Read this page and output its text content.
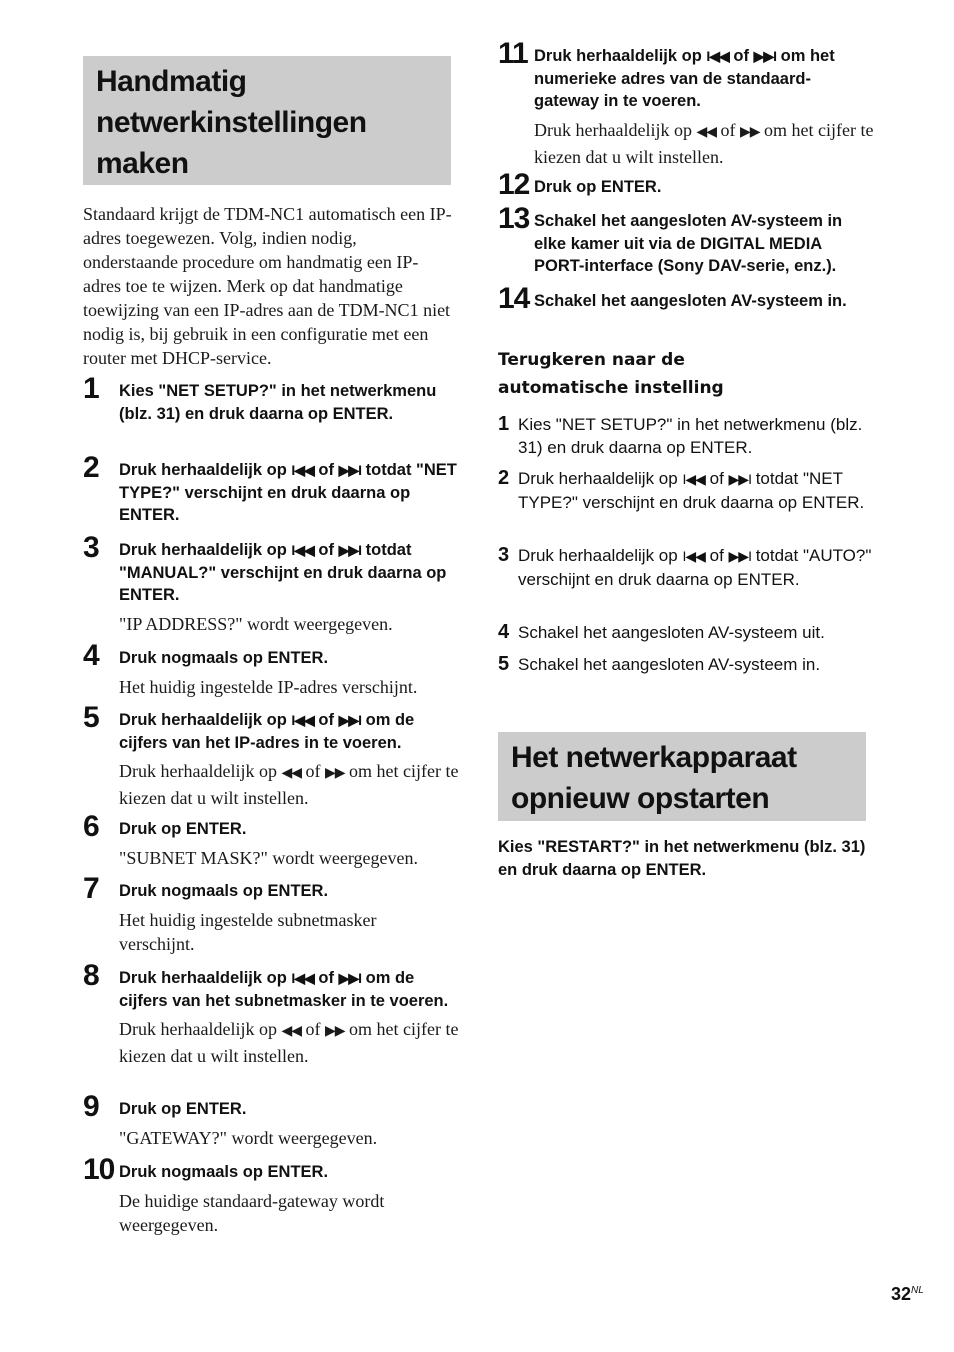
Handmatig
netwerkinstellingen
maken
Standaard krijgt de TDM-NC1 automatisch een IP-adres toegewezen. Volg, indien nodig, onderstaande procedure om handmatig een IP-adres toe te wijzen. Merk op dat handmatige toewijzing van een IP-adres aan de TDM-NC1 niet nodig is, bij gebruik in een configuratie met een router met DHCP-service.
1 Kies "NET SETUP?" in het netwerkmenu (blz. 31) en druk daarna op ENTER.
2 Druk herhaaldelijk op I◀◀ of ▶▶I totdat "NET TYPE?" verschijnt en druk daarna op ENTER.
3 Druk herhaaldelijk op I◀◀ of ▶▶I totdat "MANUAL?" verschijnt en druk daarna op ENTER.
"IP ADDRESS?" wordt weergegeven.
4 Druk nogmaals op ENTER.
Het huidig ingestelde IP-adres verschijnt.
5 Druk herhaaldelijk op I◀◀ of ▶▶I om de cijfers van het IP-adres in te voeren.
Druk herhaaldelijk op ◀◀ of ▶▶ om het cijfer te kiezen dat u wilt instellen.
6 Druk op ENTER.
"SUBNET MASK?" wordt weergegeven.
7 Druk nogmaals op ENTER.
Het huidig ingestelde subnetmasker verschijnt.
8 Druk herhaaldelijk op I◀◀ of ▶▶I om de cijfers van het subnetmasker in te voeren.
Druk herhaaldelijk op ◀◀ of ▶▶ om het cijfer te kiezen dat u wilt instellen.
9 Druk op ENTER.
"GATEWAY?" wordt weergegeven.
10 Druk nogmaals op ENTER.
De huidige standaard-gateway wordt weergegeven.
11 Druk herhaaldelijk op I◀◀ of ▶▶I om het numerieke adres van de standaard-gateway in te voeren.
Druk herhaaldelijk op ◀◀ of ▶▶ om het cijfer te kiezen dat u wilt instellen.
12 Druk op ENTER.
13 Schakel het aangesloten AV-systeem in elke kamer uit via de DIGITAL MEDIA PORT-interface (Sony DAV-serie, enz.).
14 Schakel het aangesloten AV-systeem in.
Terugkeren naar de automatische instelling
1 Kies "NET SETUP?" in het netwerkmenu (blz. 31) en druk daarna op ENTER.
2 Druk herhaaldelijk op I◀◀ of ▶▶I totdat "NET TYPE?" verschijnt en druk daarna op ENTER.
3 Druk herhaaldelijk op I◀◀ of ▶▶I totdat "AUTO?" verschijnt en druk daarna op ENTER.
4 Schakel het aangesloten AV-systeem uit.
5 Schakel het aangesloten AV-systeem in.
Het netwerkapparaat
opnieuw opstarten
Kies "RESTART?" in het netwerkmenu (blz. 31) en druk daarna op ENTER.
$32^{NL}$
